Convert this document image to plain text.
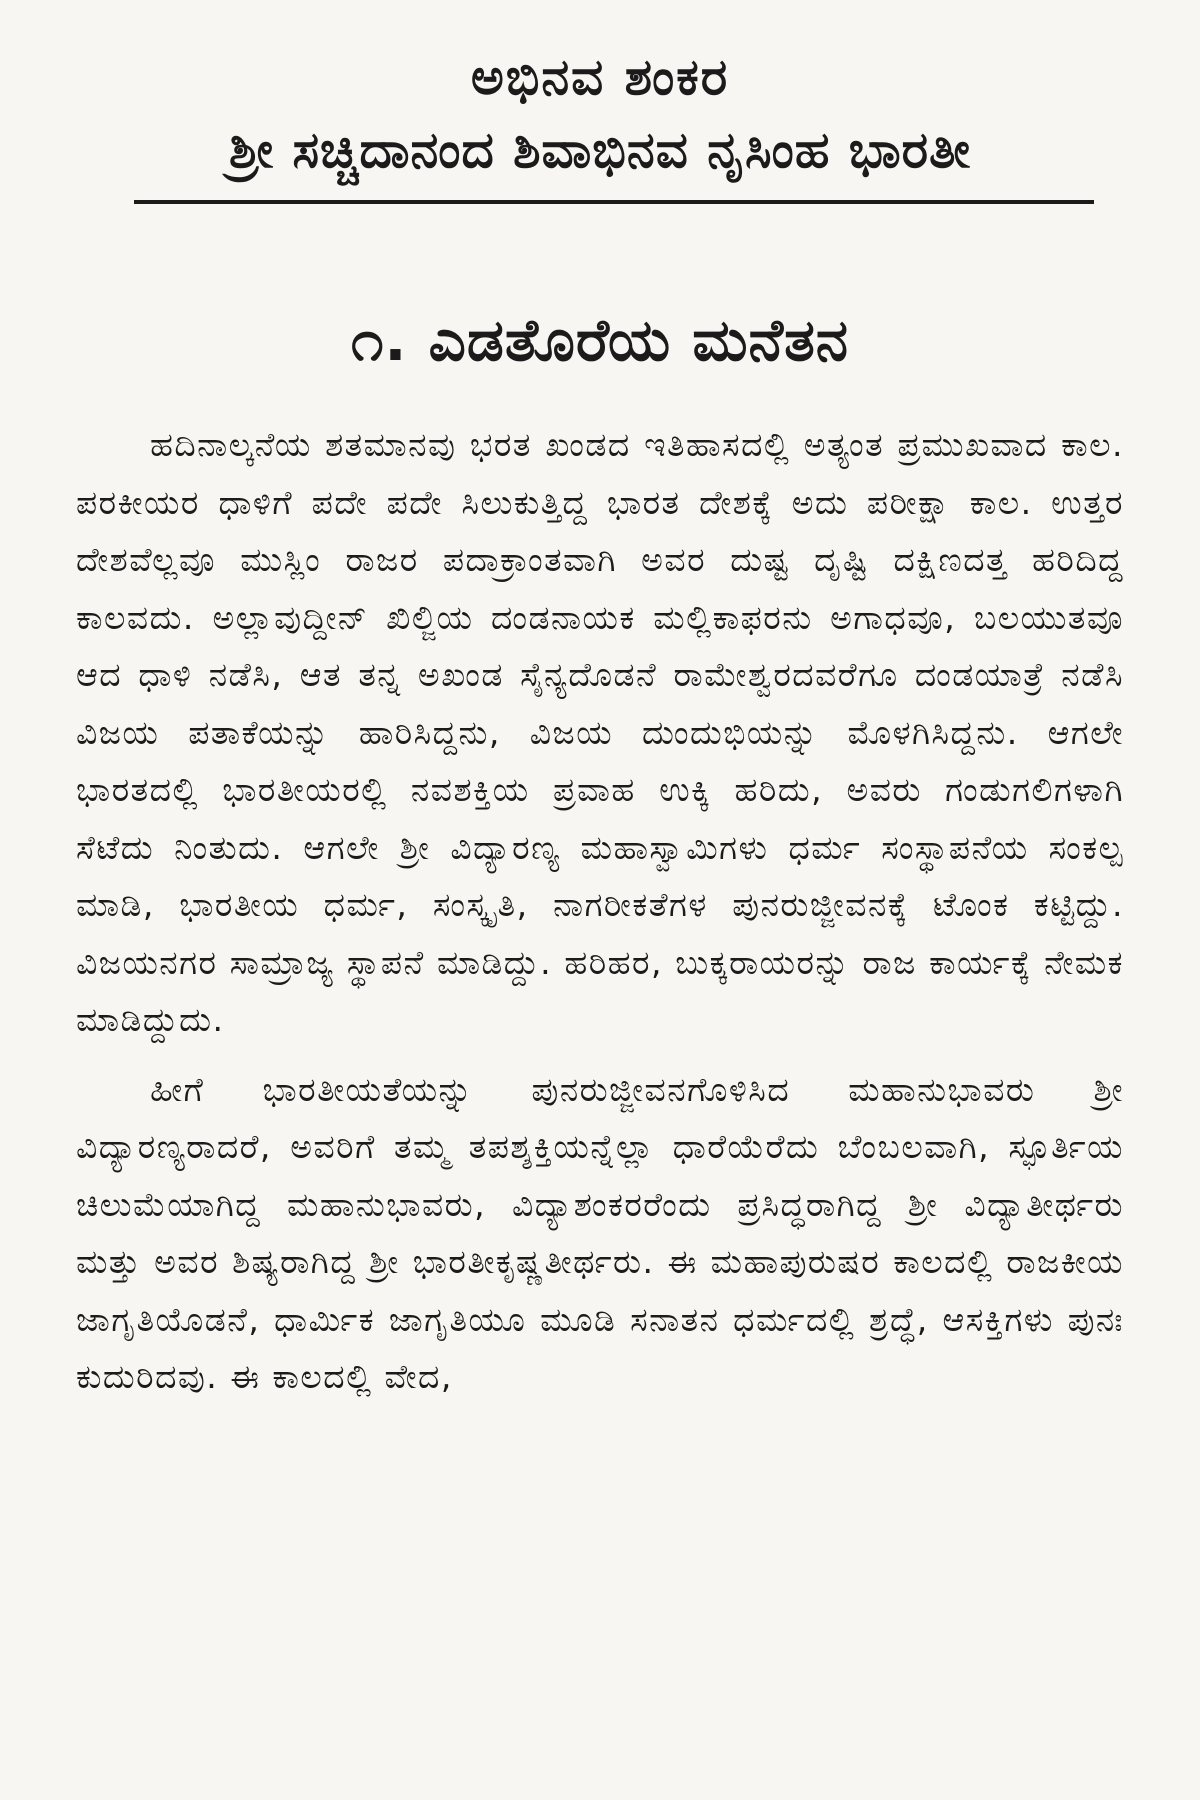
ಅಭಿನವ ಶಂಕರ
ಶ್ರೀ ಸಚ್ಚಿದಾನಂದ ಶಿವಾಭಿನವ ನೃಸಿಂಹ ಭಾರತೀ
೧. ಎಡತೊರೆಯ ಮನೆತನ

ಹದಿನಾಲ್ಕನೆಯ ಶತಮಾನವು ಭರತ ಖಂಡದ ಇತಿಹಾಸದಲ್ಲಿ ಅತ್ಯಂತ ಪ್ರಮುಖವಾದ ಕಾಲ. ಪರಕೀಯರ ಧಾಳಿಗೆ ಪದೇ ಪದೇ ಸಿಲುಕುತ್ತಿದ್ದ ಭಾರತ ದೇಶಕ್ಕೆ ಅದು ಪರೀಕ್ಷಾ ಕಾಲ. ಉತ್ತರ ದೇಶವೆಲ್ಲವೂ ಮುಸ್ಲಿಂ ರಾಜರ ಪದಾಕ್ರಾಂತವಾಗಿ ಅವರ ದುಷ್ಟ ದೃಷ್ಟಿ ದಕ್ಷಿಣದತ್ತ ಹರಿದಿದ್ದ ಕಾಲವದು. ಅಲ್ಲಾವುದ್ದೀನ್ ಖಿಲ್ಜಿಯ ದಂಡನಾಯಕ ಮಲ್ಲಿಕಾಫರನು ಅಗಾಧವೂ, ಬಲಯುತವೂ ಆದ ಧಾಳಿ ನಡೆಸಿ, ಆತ ತನ್ನ ಅಖಂಡ ಸೈನ್ಯದೊಡನೆ ರಾಮೇಶ್ವರದವರೆಗೂ ದಂಡಯಾತ್ರೆ ನಡೆಸಿ ವಿಜಯ ಪತಾಕೆಯನ್ನು ಹಾರಿಸಿದ್ದನು, ವಿಜಯ ದುಂದುಭಿಯನ್ನು ಮೊಳಗಿಸಿದ್ದನು. ಆಗಲೇ ಭಾರತದಲ್ಲಿ ಭಾರತೀಯರಲ್ಲಿ ನವಶಕ್ತಿಯ ಪ್ರವಾಹ ಉಕ್ಕಿ ಹರಿದು, ಅವರು ಗಂಡುಗಲಿಗಳಾಗಿ ಸೆಟೆದು ನಿಂತುದು. ಆಗಲೇ ಶ್ರೀ ವಿದ್ಯಾರಣ್ಯ ಮಹಾಸ್ವಾಮಿಗಳು ಧರ್ಮ ಸಂಸ್ಥಾಪನೆಯ ಸಂಕಲ್ಪ ಮಾಡಿ, ಭಾರತೀಯ ಧರ್ಮ, ಸಂಸ್ಕೃತಿ, ನಾಗರೀಕತೆಗಳ ಪುನರುಜ್ಜೀವನಕ್ಕೆ ಟೊಂಕ ಕಟ್ಟಿದ್ದು. ವಿಜಯನಗರ ಸಾಮ್ರಾಜ್ಯ ಸ್ಥಾಪನೆ ಮಾಡಿದ್ದು. ಹರಿಹರ, ಬುಕ್ಕರಾಯರನ್ನು ರಾಜ ಕಾರ್ಯಕ್ಕೆ ನೇಮಕ ಮಾಡಿದ್ದುದು.

ಹೀಗೆ ಭಾರತೀಯತೆಯನ್ನು ಪುನರುಜ್ಜೀವನಗೊಳಿಸಿದ ಮಹಾನುಭಾವರು ಶ್ರೀ ವಿದ್ಯಾರಣ್ಯರಾದರೆ, ಅವರಿಗೆ ತಮ್ಮ ತಪಶ್ಶಕ್ತಿಯನ್ನೆಲ್ಲಾ ಧಾರೆಯೆರೆದು ಬೆಂಬಲವಾಗಿ, ಸ್ಫೂರ್ತಿಯ ಚಿಲುಮೆಯಾಗಿದ್ದ ಮಹಾನುಭಾವರು, ವಿದ್ಯಾಶಂಕರರೆಂದು ಪ್ರಸಿದ್ಧರಾಗಿದ್ದ ಶ್ರೀ ವಿದ್ಯಾತೀರ್ಥರು ಮತ್ತು ಅವರ ಶಿಷ್ಯರಾಗಿದ್ದ ಶ್ರೀ ಭಾರತೀಕೃಷ್ಣತೀರ್ಥರು. ಈ ಮಹಾಪುರುಷರ ಕಾಲದಲ್ಲಿ ರಾಜಕೀಯ ಜಾಗೃತಿಯೊಡನೆ, ಧಾರ್ಮಿಕ ಜಾಗೃತಿಯೂ ಮೂಡಿ ಸನಾತನ ಧರ್ಮದಲ್ಲಿ ಶ್ರದ್ಧೆ, ಆಸಕ್ತಿಗಳು ಪುನಃ ಕುದುರಿದವು. ಈ ಕಾಲದಲ್ಲಿ ವೇದ,
